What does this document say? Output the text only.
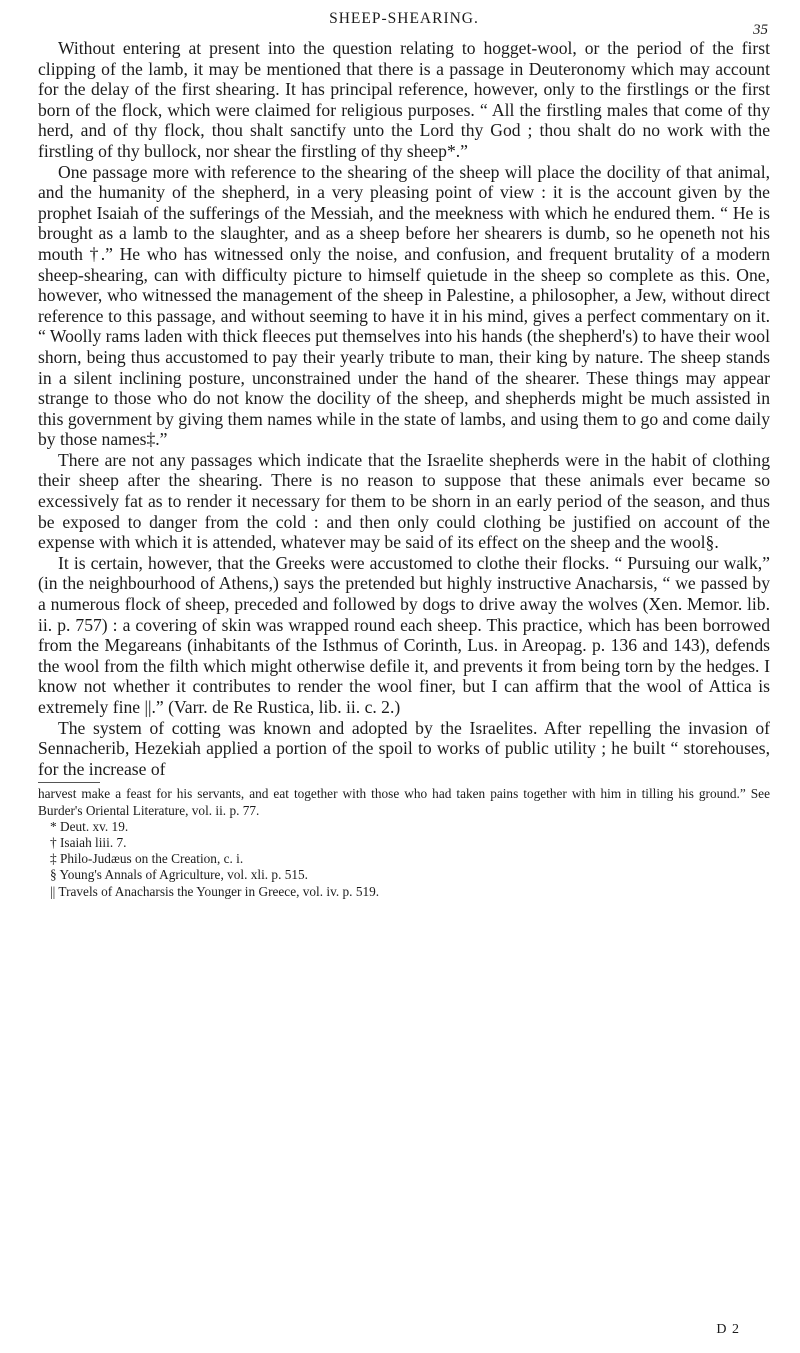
SHEEP-SHEARING.
35

Without entering at present into the question relating to hogget-wool, or the period of the first clipping of the lamb, it may be mentioned that there is a passage in Deuteronomy which may account for the delay of the first shearing. It has principal reference, however, only to the firstlings or the first born of the flock, which were claimed for religious purposes. “ All the firstling males that come of thy herd, and of thy flock, thou shalt sanctify unto the Lord thy God ; thou shalt do no work with the firstling of thy bullock, nor shear the firstling of thy sheep*.”

One passage more with reference to the shearing of the sheep will place the docility of that animal, and the humanity of the shepherd, in a very pleasing point of view : it is the account given by the prophet Isaiah of the sufferings of the Messiah, and the meekness with which he endured them. “ He is brought as a lamb to the slaughter, and as a sheep before her shearers is dumb, so he openeth not his mouth †.” He who has witnessed only the noise, and confusion, and frequent brutality of a modern sheep-shearing, can with difficulty picture to himself quietude in the sheep so complete as this. One, however, who witnessed the management of the sheep in Palestine, a philosopher, a Jew, without direct reference to this passage, and without seeming to have it in his mind, gives a perfect commentary on it. “ Woolly rams laden with thick fleeces put themselves into his hands (the shepherd's) to have their wool shorn, being thus accustomed to pay their yearly tribute to man, their king by nature. The sheep stands in a silent inclining posture, unconstrained under the hand of the shearer. These things may appear strange to those who do not know the docility of the sheep, and shepherds might be much assisted in this government by giving them names while in the state of lambs, and using them to go and come daily by those names‡.”

There are not any passages which indicate that the Israelite shepherds were in the habit of clothing their sheep after the shearing. There is no reason to suppose that these animals ever became so excessively fat as to render it necessary for them to be shorn in an early period of the season, and thus be exposed to danger from the cold : and then only could clothing be justified on account of the expense with which it is attended, whatever may be said of its effect on the sheep and the wool§.

It is certain, however, that the Greeks were accustomed to clothe their flocks. “ Pursuing our walk,” (in the neighbourhood of Athens,) says the pretended but highly instructive Anacharsis, “ we passed by a numerous flock of sheep, preceded and followed by dogs to drive away the wolves (Xen. Memor. lib. ii. p. 757) : a covering of skin was wrapped round each sheep. This practice, which has been borrowed from the Megareans (inhabitants of the Isthmus of Corinth, Lus. in Areopag. p. 136 and 143), defends the wool from the filth which might otherwise defile it, and prevents it from being torn by the hedges. I know not whether it contributes to render the wool finer, but I can affirm that the wool of Attica is extremely fine ||.” (Varr. de Re Rustica, lib. ii. c. 2.)

The system of cotting was known and adopted by the Israelites. After repelling the invasion of Sennacherib, Hezekiah applied a portion of the spoil to works of public utility ; he built “ storehouses, for the increase of

harvest make a feast for his servants, and eat together with those who had taken pains together with him in tilling his ground.” See Burder's Oriental Literature, vol. ii. p. 77.

* Deut. xv. 19.

† Isaiah liii. 7.

‡ Philo-Judæus on the Creation, c. i.

§ Young's Annals of Agriculture, vol. xli. p. 515.

|| Travels of Anacharsis the Younger in Greece, vol. iv. p. 519.

D 2
